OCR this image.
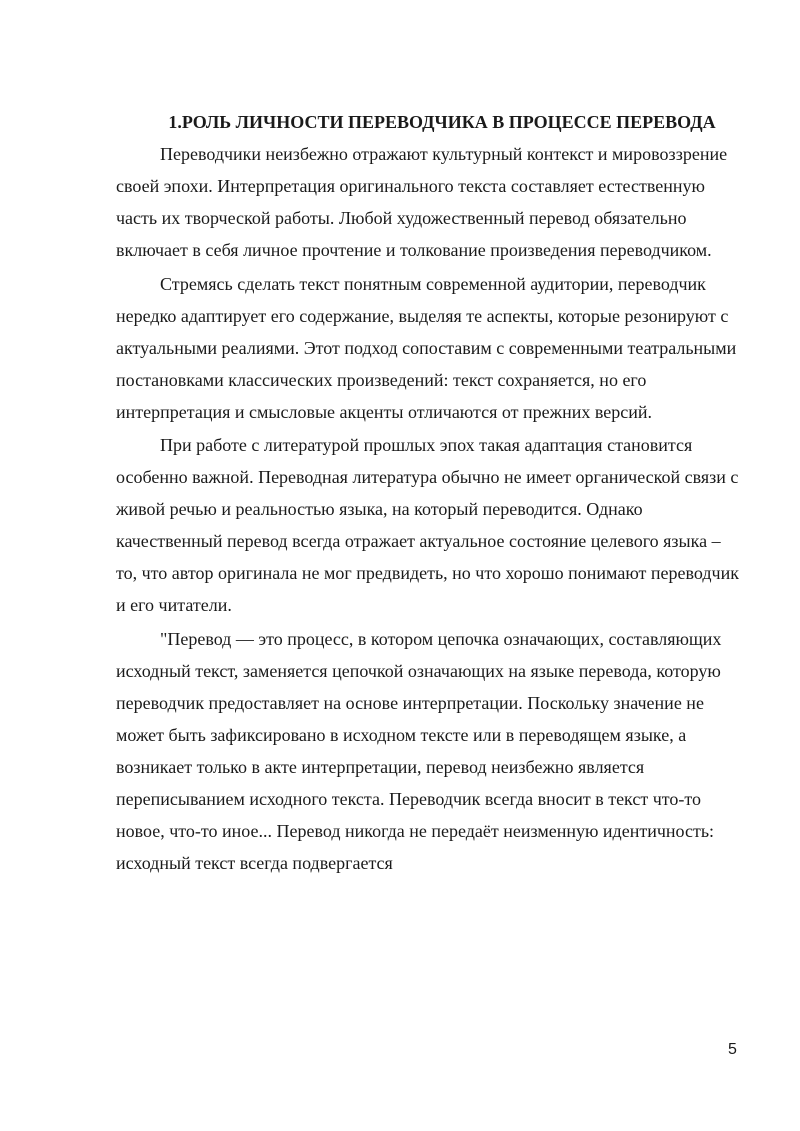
1.РОЛЬ ЛИЧНОСТИ ПЕРЕВОДЧИКА В ПРОЦЕССЕ ПЕРЕВОДА

Переводчики неизбежно отражают культурный контекст и мировоззрение своей эпохи. Интерпретация оригинального текста составляет естественную часть их творческой работы. Любой художественный перевод обязательно включает в себя личное прочтение и толкование произведения переводчиком.

Стремясь сделать текст понятным современной аудитории, переводчик нередко адаптирует его содержание, выделяя те аспекты, которые резонируют с актуальными реалиями. Этот подход сопоставим с современными театральными постановками классических произведений: текст сохраняется, но его интерпретация и смысловые акценты отличаются от прежних версий.

При работе с литературой прошлых эпох такая адаптация становится особенно важной. Переводная литература обычно не имеет органической связи с живой речью и реальностью языка, на который переводится. Однако качественный перевод всегда отражает актуальное состояние целевого языка – то, что автор оригинала не мог предвидеть, но что хорошо понимают переводчик и его читатели.

"Перевод — это процесс, в котором цепочка означающих, составляющих исходный текст, заменяется цепочкой означающих на языке перевода, которую переводчик предоставляет на основе интерпретации. Поскольку значение не может быть зафиксировано в исходном тексте или в переводящем языке, а возникает только в акте интерпретации, перевод неизбежно является переписыванием исходного текста. Переводчик всегда вносит в текст что-то новое, что-то иное... Перевод никогда не передаёт неизменную идентичность: исходный текст всегда подвергается

5
